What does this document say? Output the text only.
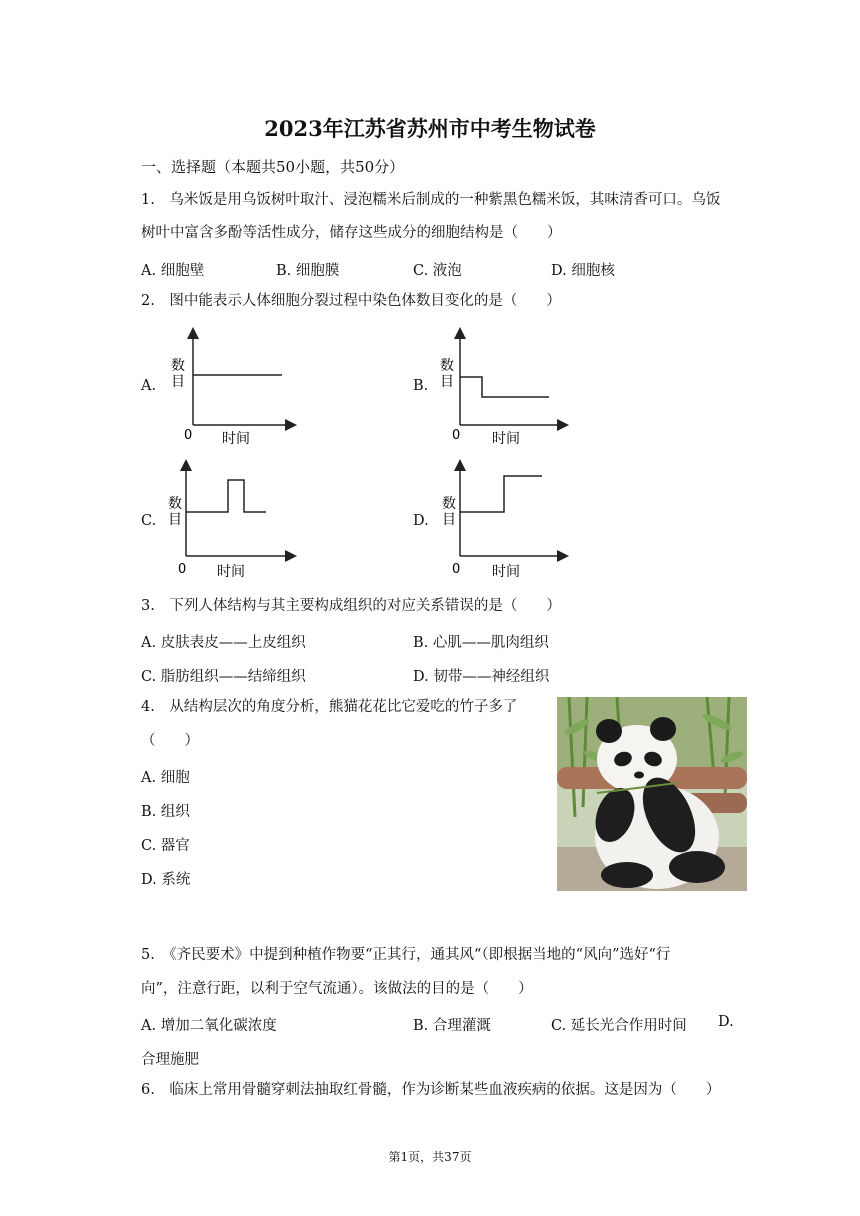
2023年江苏省苏州市中考生物试卷
一、选择题（本题共50小题，共50分）
1.　乌米饭是用乌饭树叶取汁、浸泡糯米后制成的一种紫黑色糯米饭，其味清香可口。乌饭
树叶中富含多酚等活性成分，储存这些成分的细胞结构是（　　）
A. 细胞壁	B. 细胞膜	C. 液泡	D. 细胞核
2.　图中能表示人体细胞分裂过程中染色体数目变化的是（　　）
A.	B.
C.	D.
数
目
0 时间
数
目
0 时间
数
目
0 时间
数
目
0 时间
3.　下列人体结构与其主要构成组织的对应关系错误的是（　　）
A. 皮肤表皮——上皮组织	B. 心肌——肌肉组织
C. 脂肪组织——结缔组织	D. 韧带——神经组织
4.　从结构层次的角度分析，熊猫花花比它爱吃的竹子多了
（　　）
A. 细胞
B. 组织
C. 器官
D. 系统
5.　《齐民要术》中提到种植作物要“正其行，通其风“（即根据当地的“风向”选好“行
向”，注意行距，以利于空气流通）。该做法的目的是（　　）
A. 增加二氧化碳浓度	B. 合理灌溉	C. 延长光合作用时间 D.
合理施肥
6.　临床上常用骨髓穿刺法抽取红骨髓，作为诊断某些血液疾病的依据。这是因为（　　）
第1页，共37页
